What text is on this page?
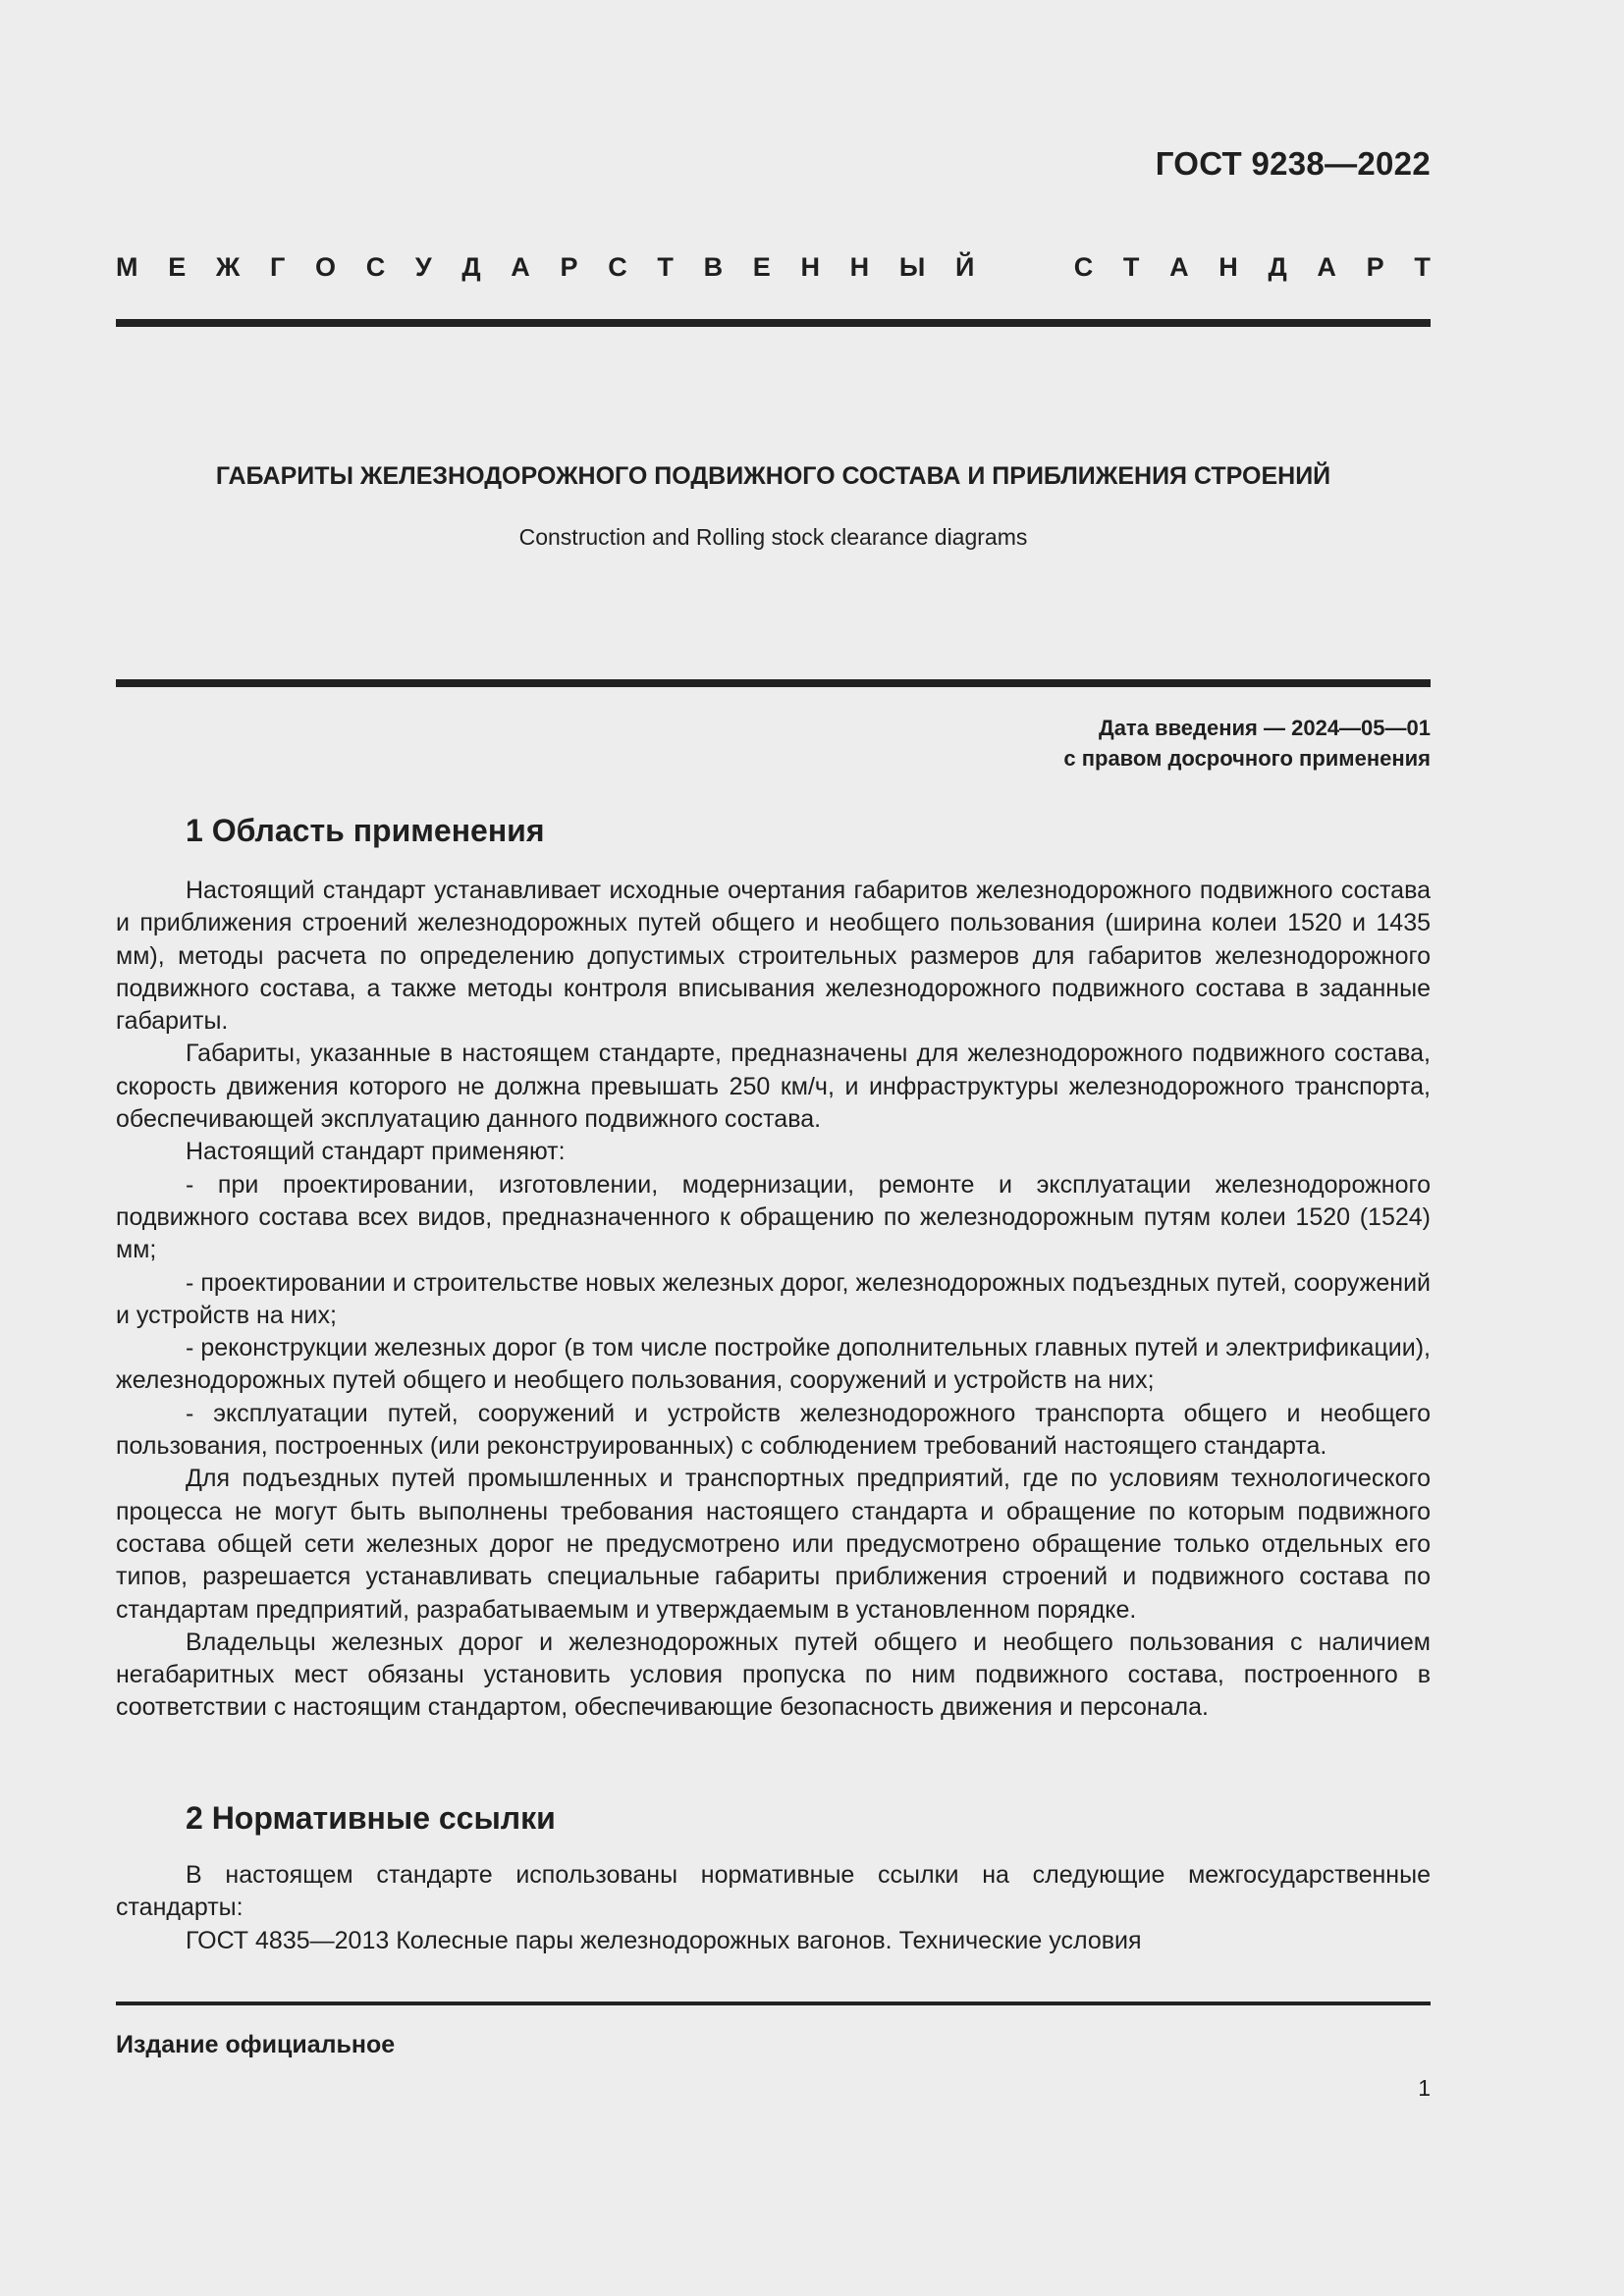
ГОСТ 9238—2022
М Е Ж Г О С У Д А Р С Т В Е Н Н Ы Й	С Т А Н Д А Р Т
ГАБАРИТЫ ЖЕЛЕЗНОДОРОЖНОГО ПОДВИЖНОГО СОСТАВА И ПРИБЛИЖЕНИЯ СТРОЕНИЙ
Construction and Rolling stock clearance diagrams
Дата введения — 2024—05—01
с правом досрочного применения
1 Область применения

Настоящий стандарт устанавливает исходные очертания габаритов железнодорожного подвижного состава и приближения строений железнодорожных путей общего и необщего пользования (ширина колеи 1520 и 1435 мм), методы расчета по определению допустимых строительных размеров для габаритов железнодорожного подвижного состава, а также методы контроля вписывания железнодорожного подвижного состава в заданные габариты.

Габариты, указанные в настоящем стандарте, предназначены для железнодорожного подвижного состава, скорость движения которого не должна превышать 250 км/ч, и инфраструктуры железнодорожного транспорта, обеспечивающей эксплуатацию данного подвижного состава.

Настоящий стандарт применяют:

- при проектировании, изготовлении, модернизации, ремонте и эксплуатации железнодорожного подвижного состава всех видов, предназначенного к обращению по железнодорожным путям колеи 1520 (1524) мм;

- проектировании и строительстве новых железных дорог, железнодорожных подъездных путей, сооружений и устройств на них;

- реконструкции железных дорог (в том числе постройке дополнительных главных путей и электрификации), железнодорожных путей общего и необщего пользования, сооружений и устройств на них;

- эксплуатации путей, сооружений и устройств железнодорожного транспорта общего и необщего пользования, построенных (или реконструированных) с соблюдением требований настоящего стандарта.

Для подъездных путей промышленных и транспортных предприятий, где по условиям технологического процесса не могут быть выполнены требования настоящего стандарта и обращение по которым подвижного состава общей сети железных дорог не предусмотрено или предусмотрено обращение только отдельных его типов, разрешается устанавливать специальные габариты приближения строений и подвижного состава по стандартам предприятий, разрабатываемым и утверждаемым в установленном порядке.

Владельцы железных дорог и железнодорожных путей общего и необщего пользования с наличием негабаритных мест обязаны установить условия пропуска по ним подвижного состава, построенного в соответствии с настоящим стандартом, обеспечивающие безопасность движения и персонала.

2 Нормативные ссылки

В настоящем стандарте использованы нормативные ссылки на следующие межгосударственные стандарты:

ГОСТ 4835—2013 Колесные пары железнодорожных вагонов. Технические условия

Издание официальное
1
